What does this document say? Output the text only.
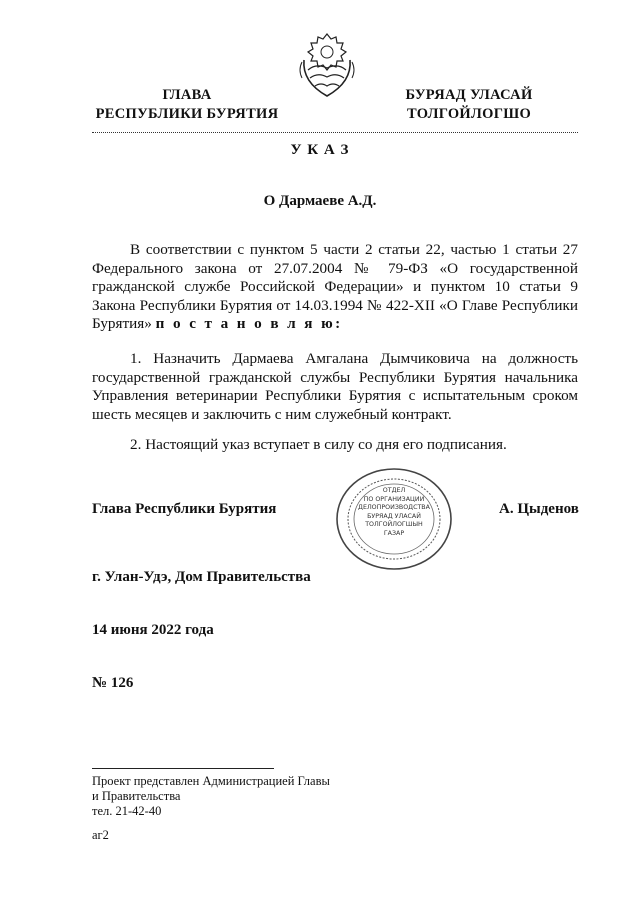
ГЛАВА
РЕСПУБЛИКИ БУРЯТИЯ
БУРЯАД УЛАСАЙ
ТОЛГОЙЛОГШО
У К А З
О Дармаеве А.Д.
В соответствии с пунктом 5 части 2 статьи 22, частью 1 статьи 27 Федерального закона от 27.07.2004 № 79-ФЗ «О государственной гражданской службе Российской Федерации» и пунктом 10 статьи 9 Закона Республики Бурятия от 14.03.1994 № 422-XII «О Главе Республики Бурятия» п о с т а н о в л я ю:
1. Назначить Дармаева Амгалана Дымчиковича на должность государственной гражданской службы Республики Бурятия начальника Управления ветеринарии Республики Бурятия с испытательным сроком шесть месяцев и заключить с ним служебный контракт.
2. Настоящий указ вступает в силу со дня его подписания.
Глава Республики Бурятия	А. Цыденов
ОТДЕЛ
ПО ОРГАНИЗАЦИИ
ДЕЛОПРОИЗВОДСТВА
БУРЯАД УЛАСАЙ
ТОЛГОЙЛОГШЫН
ГАЗАР
г. Улан-Удэ, Дом Правительства
14 июня 2022 года
№ 126
Проект представлен Администрацией Главы
и Правительства
тел. 21-42-40
аг2
